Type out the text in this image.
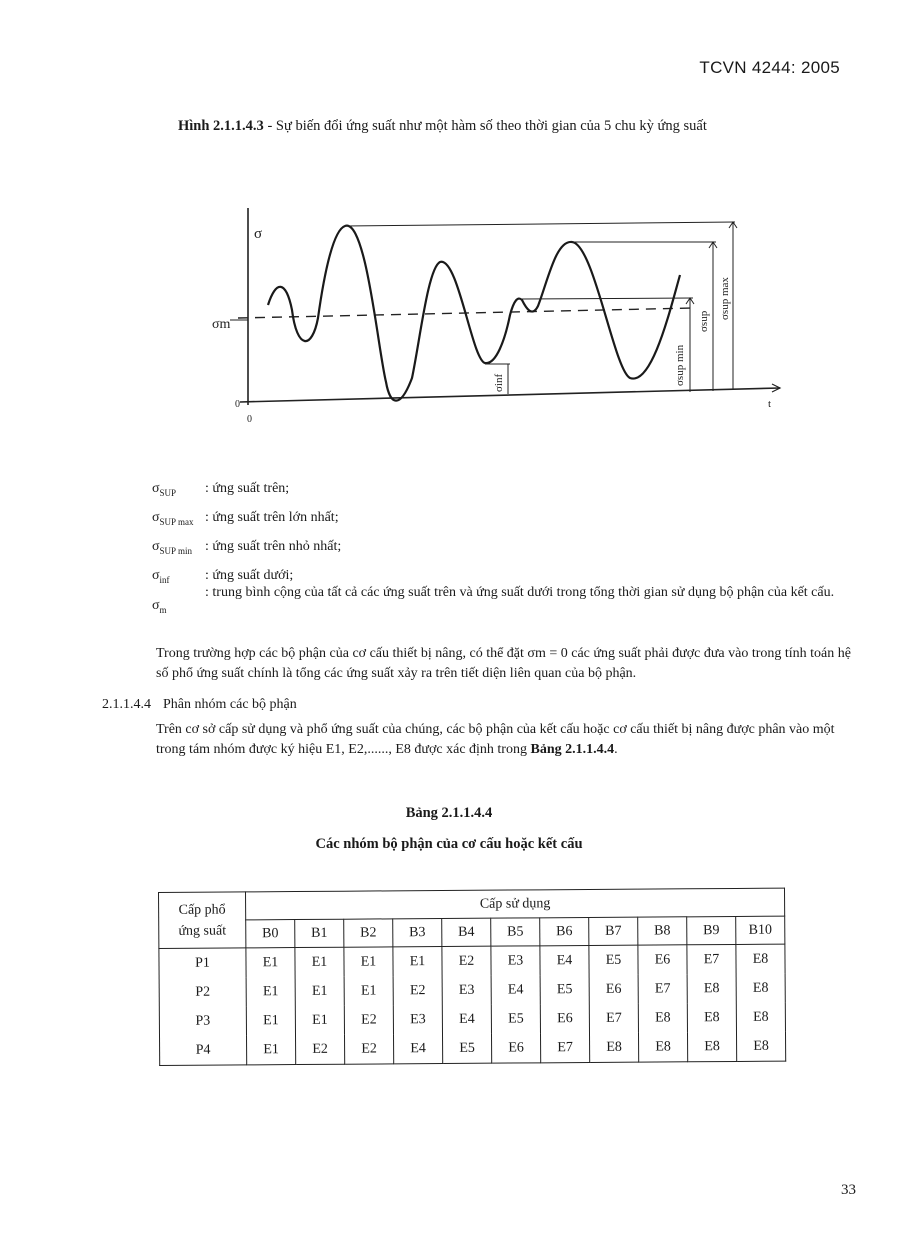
TCVN 4244: 2005
Hình 2.1.1.4.3 - Sự biến đổi ứng suất như một hàm số theo thời gian của 5 chu kỳ ứng suất
σ
t
0
0
σm
σinf	σsup min
σsup
σsup max
$\sigma_{SUP}$ : ứng suất trên;
$\sigma_{SUP max}$ : ứng suất trên lớn nhất;
$\sigma_{SUP min}$ : ứng suất trên nhỏ nhất;
$\sigma_{inf}$	: ứng suất dưới;
$\sigma_m$
: trung bình cộng của tất cả các ứng suất trên và ứng suất dưới trong tổng thời gian sử dụng bộ phận của kết cấu.
Trong trường hợp các bộ phận của cơ cấu thiết bị nâng, có thể đặt σm = 0 các ứng suất phải được đưa vào trong tính toán hệ số phổ ứng suất chính là tổng các ứng suất xảy ra trên tiết diện liên quan của bộ phận.
2.1.1.4.4 Phân nhóm các bộ phận
Trên cơ sở cấp sử dụng và phổ ứng suất của chúng, các bộ phận của kết cấu hoặc cơ cấu thiết bị nâng được phân vào một trong tám nhóm được ký hiệu E1, E2,......, E8 được xác định trong Bảng 2.1.1.4.4.
Bảng 2.1.1.4.4
Các nhóm bộ phận của cơ cấu hoặc kết cấu
Cấp phổ
ứng suất	Cấp sử dụng										
	B0	B1	B2	B3	B4	B5	B6	B7	B8	B9	B10
P1	E1	E1	E1	E1	E2	E3	E4	E5	E6	E7	E8
P2	E1	E1	E1	E2	E3	E4	E5	E6	E7	E8	E8
P3	E1	E1	E2	E3	E4	E5	E6	E7	E8	E8	E8
P4	E1	E2	E2	E4	E5	E6	E7	E8	E8	E8	E8
33
